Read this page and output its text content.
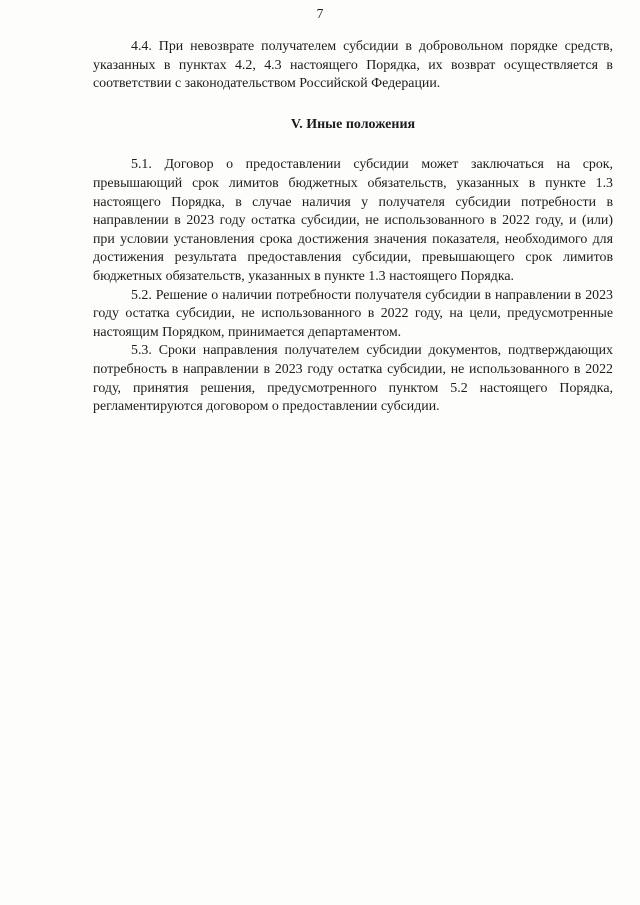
7

4.4. При невозврате получателем субсидии в добровольном порядке средств, указанных в пунктах 4.2, 4.3 настоящего Порядка, их возврат осуществляется в соответствии с законодательством Российской Федерации.

V. Иные положения

5.1. Договор о предоставлении субсидии может заключаться на срок, превышающий срок лимитов бюджетных обязательств, указанных в пункте 1.3 настоящего Порядка, в случае наличия у получателя субсидии потребности в направлении в 2023 году остатка субсидии, не использованного в 2022 году, и (или) при условии установления срока достижения значения показателя, необходимого для достижения результата предоставления субсидии, превышающего срок лимитов бюджетных обязательств, указанных в пункте 1.3 настоящего Порядка.

5.2. Решение о наличии потребности получателя субсидии в направлении в 2023 году остатка субсидии, не использованного в 2022 году, на цели, предусмотренные настоящим Порядком, принимается департаментом.

5.3. Сроки направления получателем субсидии документов, подтверждающих потребность в направлении в 2023 году остатка субсидии, не использованного в 2022 году, принятия решения, предусмотренного пунктом 5.2 настоящего Порядка, регламентируются договором о предоставлении субсидии.
